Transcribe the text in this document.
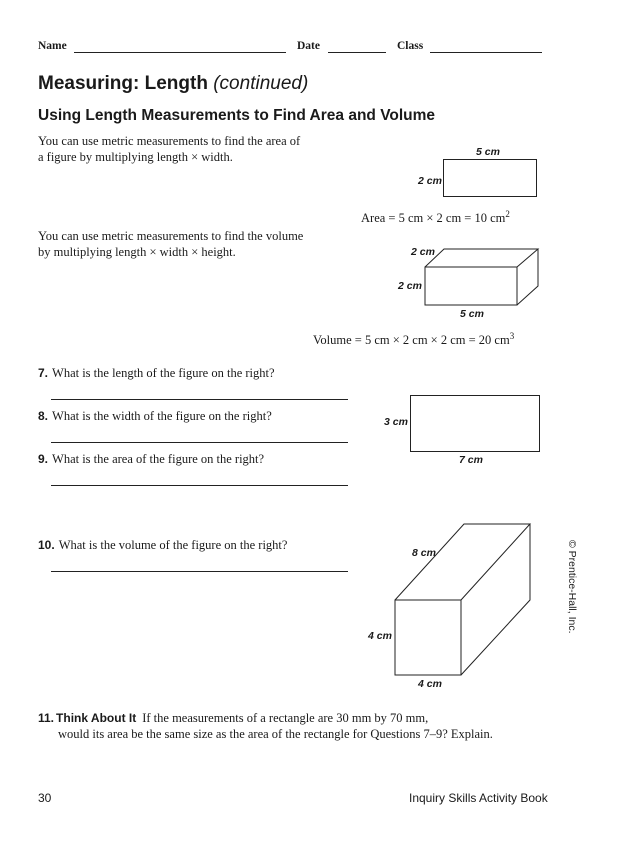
Name	Date	Class
Measuring: Length (continued)
Using Length Measurements to Find Area and Volume
You can use metric measurements to find the area of
a figure by multiplying length × width.	5 cm
2 cm
Area = 5 cm × 2 cm = 10 $cm^2$
You can use metric measurements to find the volume
by multiplying length × width × height.	2 cm
2 cm
5 cm
Volume = 5 cm × 2 cm × 2 cm = 20 $cm^3$
7. What is the length of the figure on the right?
8. What is the width of the figure on the right?
9. What is the area of the figure on the right?
3 cm
7 cm
10. What is the volume of the figure on the right?
8 cm
4 cm
4 cm
© Prentice-Hall, Inc.
11. Think About It If the measurements of a rectangle are 30 mm by 70 mm,
would its area be the same size as the area of the rectangle for Questions 7–9? Explain.
30	Inquiry Skills Activity Book
